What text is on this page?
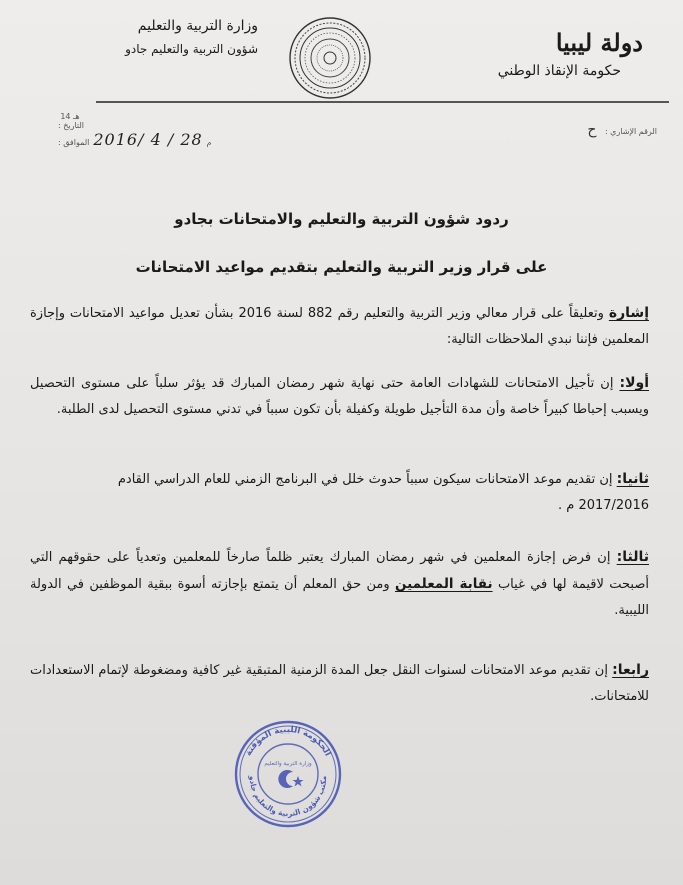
دولة ليبيا
حكومة الإنقاذ الوطني
وزارة التربية والتعليم
شؤون التربية والتعليم جادو
الرقم الإشاري : ح
هـ 14
التاريخ :
الموافق : 2016/ 4 / 28 م
ردود شؤون التربية والتعليم والامتحانات بجادو
على قرار وزير التربية والتعليم بتقديم مواعيد الامتحانات
إشارة وتعليقاً على قرار معالي وزير التربية والتعليم رقم 882 لسنة 2016 بشأن تعديل مواعيد الامتحانات وإجازة المعلمين فإننا نبدي الملاحظات التالية:
أولا: إن تأجيل الامتحانات للشهادات العامة حتى نهاية شهر رمضان المبارك قد يؤثر سلباً على مستوى التحصيل ويسبب إحباطا كبيراً خاصة وأن مدة التأجيل طويلة وكفيلة بأن تكون سبباً في تدني مستوى التحصيل لدى الطلبة.
ثانيا: إن تقديم موعد الامتحانات سيكون سبباً حدوث خلل في البرنامج الزمني للعام الدراسي القادم
2017/2016 م .
ثالثا: إن فرض إجازة المعلمين في شهر رمضان المبارك يعتبر ظلماً صارخاً للمعلمين وتعدياً على حقوقهم التي أصبحت لاقيمة لها في غياب نقابة المعلمين ومن حق المعلم أن يتمتع بإجازته أسوة ببقية الموظفين في الدولة الليبية.
رابعا: إن تقديم موعد الامتحانات لسنوات النقل جعل المدة الزمنية المتبقية غير كافية ومضغوطة لإتمام الاستعدادات للامتحانات.
الحكومة الليبية المؤقتة
مكتب شؤون التربية والتعليم جادو
وزارة التربية والتعليم
